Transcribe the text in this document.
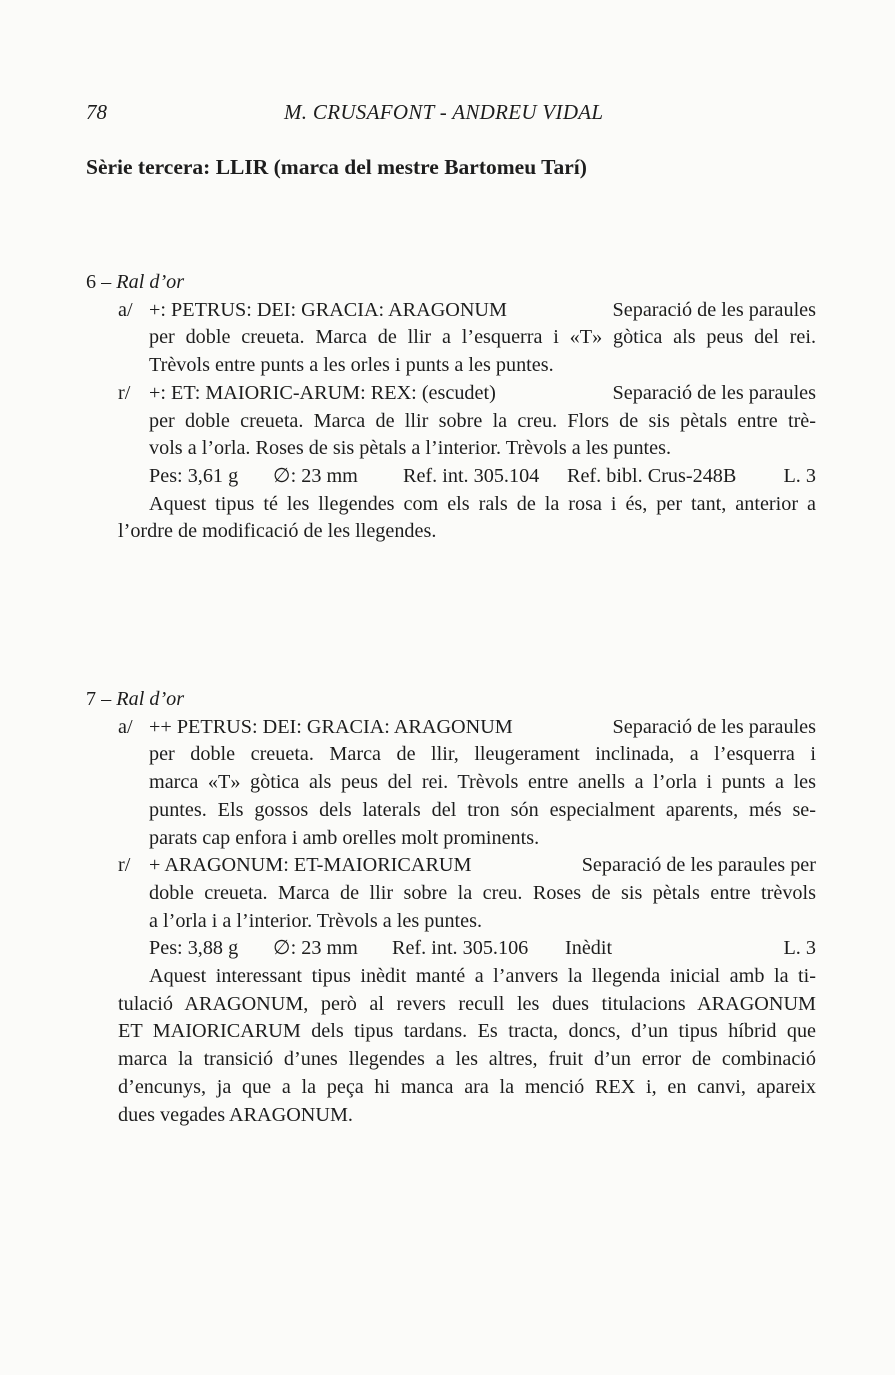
78	M. CRUSAFONT - ANDREU VIDAL
Sèrie tercera: LLIR (marca del mestre Bartomeu Tarí)
6 – Ral d’or
a/ +: PETRUS: DEI: GRACIA: ARAGONUM	Separació de les paraules
per doble creueta. Marca de llir a l’esquerra i «T» gòtica als peus del rei.
Trèvols entre punts a les orles i punts a les puntes.
r/ +: ET: MAIORIC-ARUM: REX: (escudet)	Separació de les paraules
per doble creueta. Marca de llir sobre la creu. Flors de sis pètals entre trè-
vols a l’orla. Roses de sis pètals a l’interior. Trèvols a les puntes.
Pes: 3,61 g ∅: 23 mm Ref. int. 305.104 Ref. bibl. Crus-248B L. 3
Aquest tipus té les llegendes com els rals de la rosa i és, per tant, anterior a
l’ordre de modificació de les llegendes.
7 – Ral d’or
a/ ++ PETRUS: DEI: GRACIA: ARAGONUM	Separació de les paraules
per doble creueta. Marca de llir, lleugerament inclinada, a l’esquerra i
marca «T» gòtica als peus del rei. Trèvols entre anells a l’orla i punts a les
puntes. Els gossos dels laterals del tron són especialment aparents, més se-
parats cap enfora i amb orelles molt prominents.
r/ + ARAGONUM: ET-MAIORICARUM	Separació de les paraules per
doble creueta. Marca de llir sobre la creu. Roses de sis pètals entre trèvols
a l’orla i a l’interior. Trèvols a les puntes.
Pes: 3,88 g ∅: 23 mm Ref. int. 305.106 Inèdit	L. 3
Aquest interessant tipus inèdit manté a l’anvers la llegenda inicial amb la ti-
tulació ARAGONUM, però al revers recull les dues titulacions ARAGONUM
ET MAIORICARUM dels tipus tardans. Es tracta, doncs, d’un tipus híbrid que
marca la transició d’unes llegendes a les altres, fruit d’un error de combinació
d’encunys, ja que a la peça hi manca ara la menció REX i, en canvi, apareix
dues vegades ARAGONUM.
